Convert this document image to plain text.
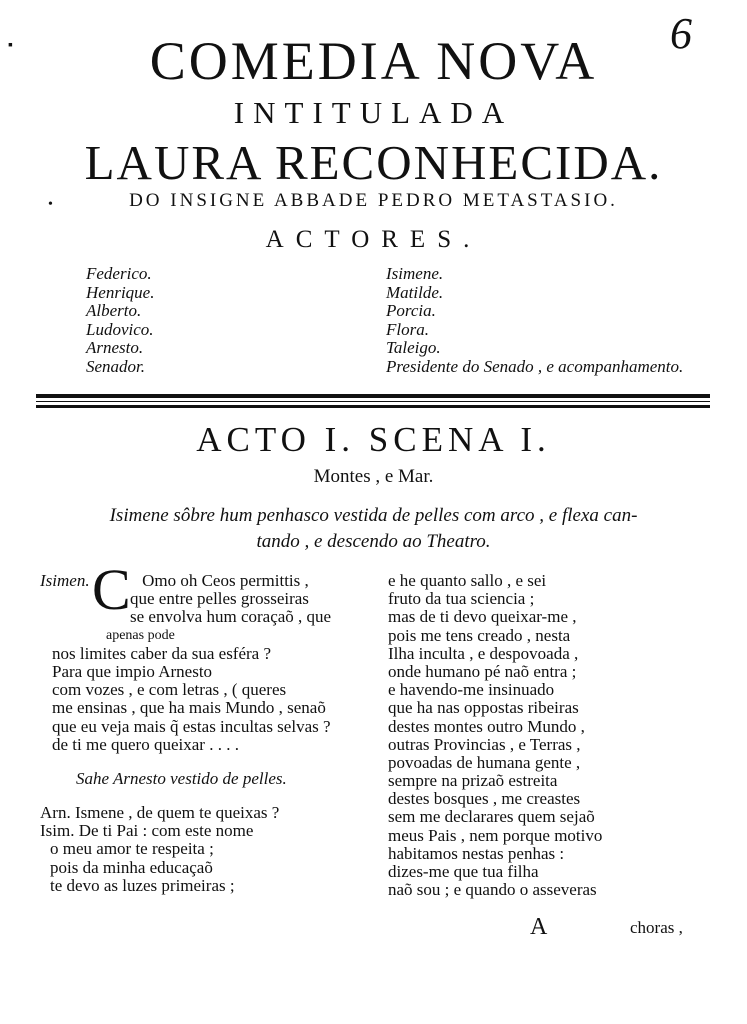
6
▪
•
COMEDIA NOVA
INTITULADA
LAURA RECONHECIDA.
DO INSIGNE ABBADE PEDRO METASTASIO.
ACTORES.
Federico.
Henrique.
Alberto.
Ludovico.
Arnesto.
Senador.
Isimene.
Matilde.
Porcia.
Flora.
Taleigo.
Presidente do Senado , e acompanhamento.
ACTO I. SCENA I.
Montes , e Mar.
Isimene sôbre hum penhasco vestida de pelles com arco , e flexa can-
tando , e descendo ao Theatro.
C
Isimen.	Omo oh Ceos permittis ,
que entre pelles grosseiras
se envolva hum coraçaõ , que
apenas pode
nos limites caber da sua esféra ?
Para que impio Arnesto
com vozes , e com letras , ( queres
me ensinas , que ha mais Mundo , senaõ
que eu veja mais q̃ estas incultas selvas ?
de ti me quero queixar . . . .
Sahe Arnesto vestido de pelles.
Arn. Ismene , de quem te queixas ?
Isim. De ti Pai : com este nome
o meu amor te respeita ;
pois da minha educaçaõ
te devo as luzes primeiras ;
e he quanto sallo , e sei
fruto da tua sciencia ;
mas de ti devo queixar-me ,
pois me tens creado , nesta
Ilha inculta , e despovoada ,
onde humano pé naõ entra ;
e havendo-me insinuado
que ha nas oppostas ribeiras
destes montes outro Mundo ,
outras Provincias , e Terras ,
povoadas de humana gente ,
sempre na prizaõ estreita
destes bosques , me creastes
sem me declarares quem sejaõ
meus Pais , nem porque motivo
habitamos nestas penhas :
dizes-me que tua filha
naõ sou ; e quando o asseveras
A	choras ,
